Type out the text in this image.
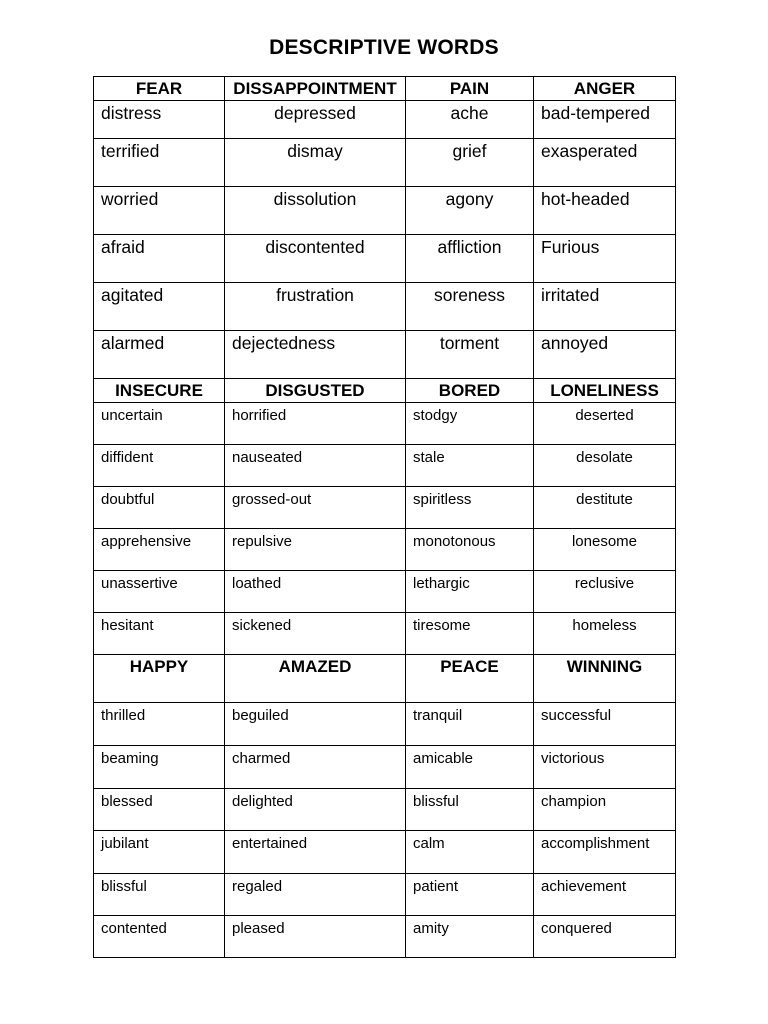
DESCRIPTIVE WORDS
FEAR	DISSAPPOINTMENT	PAIN	ANGER
distress	depressed	ache	bad-tempered
terrified	dismay	grief	exasperated
worried	dissolution	agony	hot-headed
afraid	discontented	affliction	Furious
agitated	frustration	soreness	irritated
alarmed	dejectedness	torment	annoyed
INSECURE	DISGUSTED	BORED	LONELINESS
uncertain	horrified	stodgy	deserted
diffident	nauseated	stale	desolate
doubtful	grossed-out	spiritless	destitute
apprehensive	repulsive	monotonous	lonesome
unassertive	loathed	lethargic	reclusive
hesitant	sickened	tiresome	homeless
HAPPY	AMAZED	PEACE	WINNING
thrilled	beguiled	tranquil	successful
beaming	charmed	amicable	victorious
blessed	delighted	blissful	champion
jubilant	entertained	calm	accomplishment
blissful	regaled	patient	achievement
contented	pleased	amity	conquered
